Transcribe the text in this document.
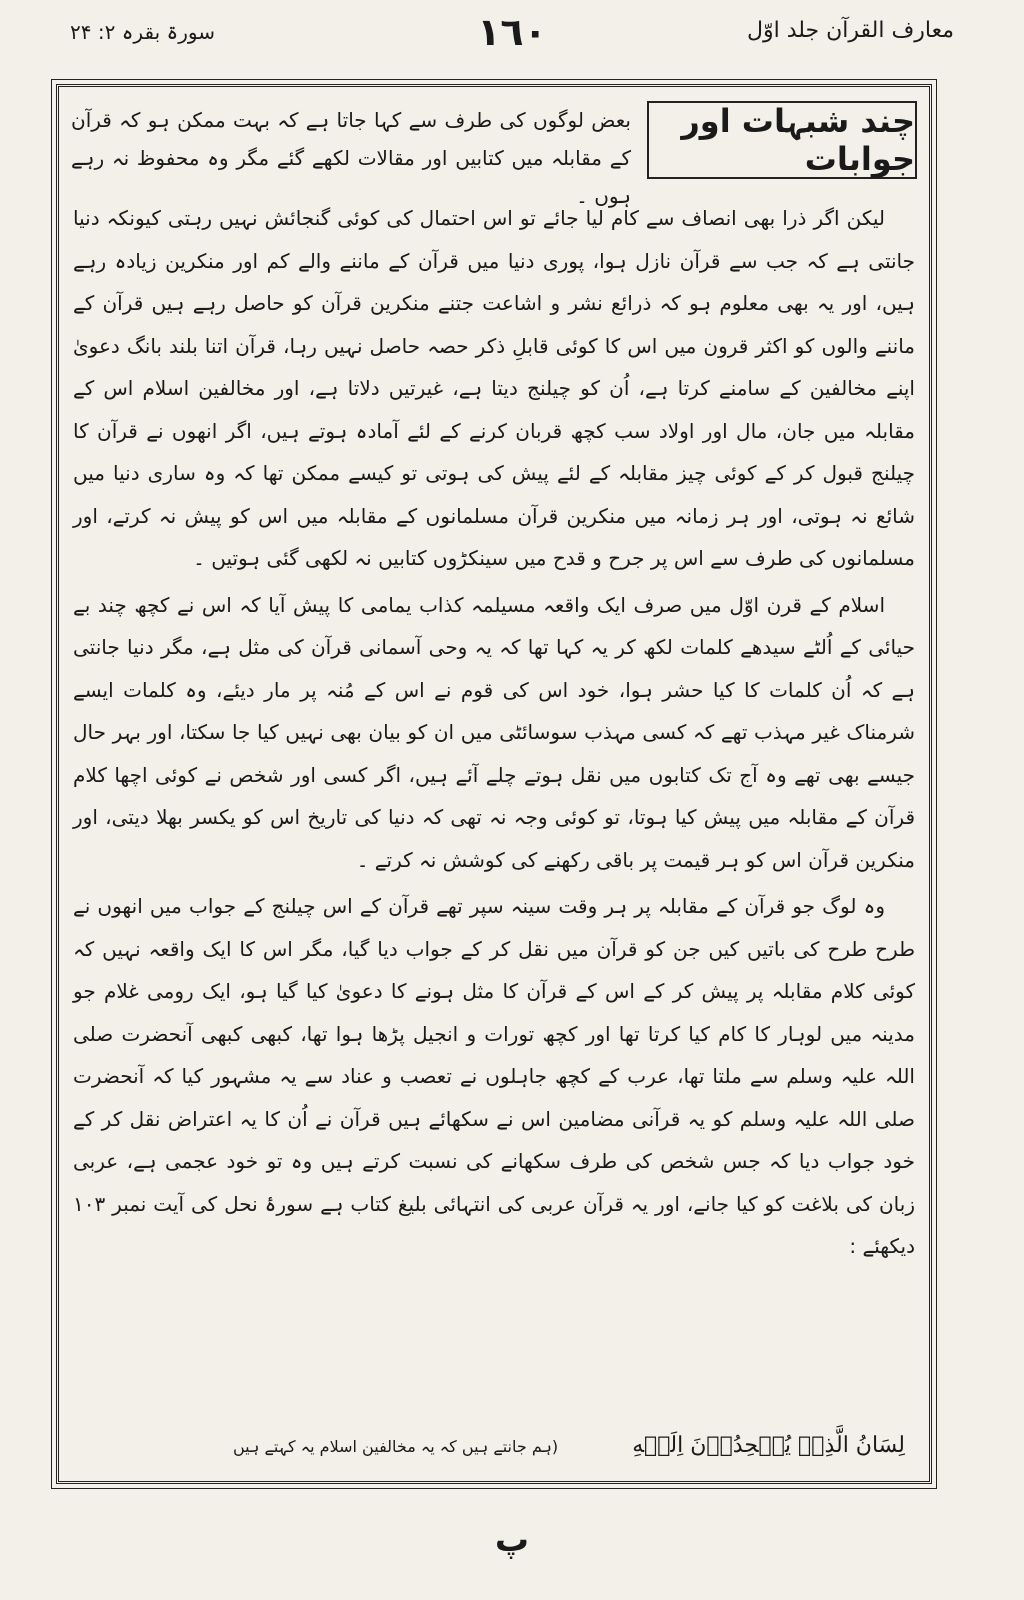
معارف القرآن جلد اوّل
١٦٠
سورۃ بقرہ ۲: ۲۴
چند شبہات اور جوابات
بعض لوگوں کی طرف سے کہا جاتا ہے کہ بہت ممکن ہو کہ قرآن کے مقابلہ میں کتابیں اور مقالات لکھے گئے مگر وہ محفوظ نہ رہے ہوں ۔

لیکن اگر ذرا بھی انصاف سے کام لیا جائے تو اس احتمال کی کوئی گنجائش نہیں رہتی کیونکہ دنیا جانتی ہے کہ جب سے قرآن نازل ہوا، پوری دنیا میں قرآن کے ماننے والے کم اور منکرین زیادہ رہے ہیں، اور یہ بھی معلوم ہو کہ ذرائع نشر و اشاعت جتنے منکرین قرآن کو حاصل رہے ہیں قرآن کے ماننے والوں کو اکثر قرون میں اس کا کوئی قابلِ ذکر حصہ حاصل نہیں رہا، قرآن اتنا بلند بانگ دعویٰ اپنے مخالفین کے سامنے کرتا ہے، اُن کو چیلنج دیتا ہے، غیرتیں دلاتا ہے، اور مخالفین اسلام اس کے مقابلہ میں جان، مال اور اولاد سب کچھ قربان کرنے کے لئے آمادہ ہوتے ہیں، اگر انھوں نے قرآن کا چیلنج قبول کر کے کوئی چیز مقابلہ کے لئے پیش کی ہوتی تو کیسے ممکن تھا کہ وہ ساری دنیا میں شائع نہ ہوتی، اور ہر زمانہ میں منکرین قرآن مسلمانوں کے مقابلہ میں اس کو پیش نہ کرتے، اور مسلمانوں کی طرف سے اس پر جرح و قدح میں سینکڑوں کتابیں نہ لکھی گئی ہوتیں ۔

اسلام کے قرن اوّل میں صرف ایک واقعہ مسیلمہ کذاب یمامی کا پیش آیا کہ اس نے کچھ چند بے حیائی کے اُلٹے سیدھے کلمات لکھ کر یہ کہا تھا کہ یہ وحی آسمانی قرآن کی مثل ہے، مگر دنیا جانتی ہے کہ اُن کلمات کا کیا حشر ہوا، خود اس کی قوم نے اس کے مُنہ پر مار دیئے، وہ کلمات ایسے شرمناک غیر مہذب تھے کہ کسی مہذب سوسائٹی میں ان کو بیان بھی نہیں کیا جا سکتا، اور بہر حال جیسے بھی تھے وہ آج تک کتابوں میں نقل ہوتے چلے آئے ہیں، اگر کسی اور شخص نے کوئی اچھا کلام قرآن کے مقابلہ میں پیش کیا ہوتا، تو کوئی وجہ نہ تھی کہ دنیا کی تاریخ اس کو یکسر بھلا دیتی، اور منکرین قرآن اس کو ہر قیمت پر باقی رکھنے کی کوشش نہ کرتے ۔

وہ لوگ جو قرآن کے مقابلہ پر ہر وقت سینہ سپر تھے قرآن کے اس چیلنج کے جواب میں انھوں نے طرح طرح کی باتیں کیں جن کو قرآن میں نقل کر کے جواب دیا گیا، مگر اس کا ایک واقعہ نہیں کہ کوئی کلام مقابلہ پر پیش کر کے اس کے قرآن کا مثل ہونے کا دعویٰ کیا گیا ہو، ایک رومی غلام جو مدینہ میں لوہار کا کام کیا کرتا تھا اور کچھ تورات و انجیل پڑھا ہوا تھا، کبھی کبھی آنحضرت صلی اللہ علیہ وسلم سے ملتا تھا، عرب کے کچھ جاہلوں نے تعصب و عناد سے یہ مشہور کیا کہ آنحضرت صلی اللہ علیہ وسلم کو یہ قرآنی مضامین اس نے سکھائے ہیں قرآن نے اُن کا یہ اعتراض نقل کر کے خود جواب دیا کہ جس شخص کی طرف سکھانے کی نسبت کرتے ہیں وہ تو خود عجمی ہے، عربی زبان کی بلاغت کو کیا جانے، اور یہ قرآن عربی کی انتہائی بلیغ کتاب ہے سورۂ نحل کی آیت نمبر ۱۰۳ دیکھئے :

لِسَانُ الَّذِیۡ یُلۡحِدُوۡنَ اِلَیۡهِ
(ہم جانتے ہیں کہ یہ مخالفین اسلام یہ کہتے ہیں
پ
